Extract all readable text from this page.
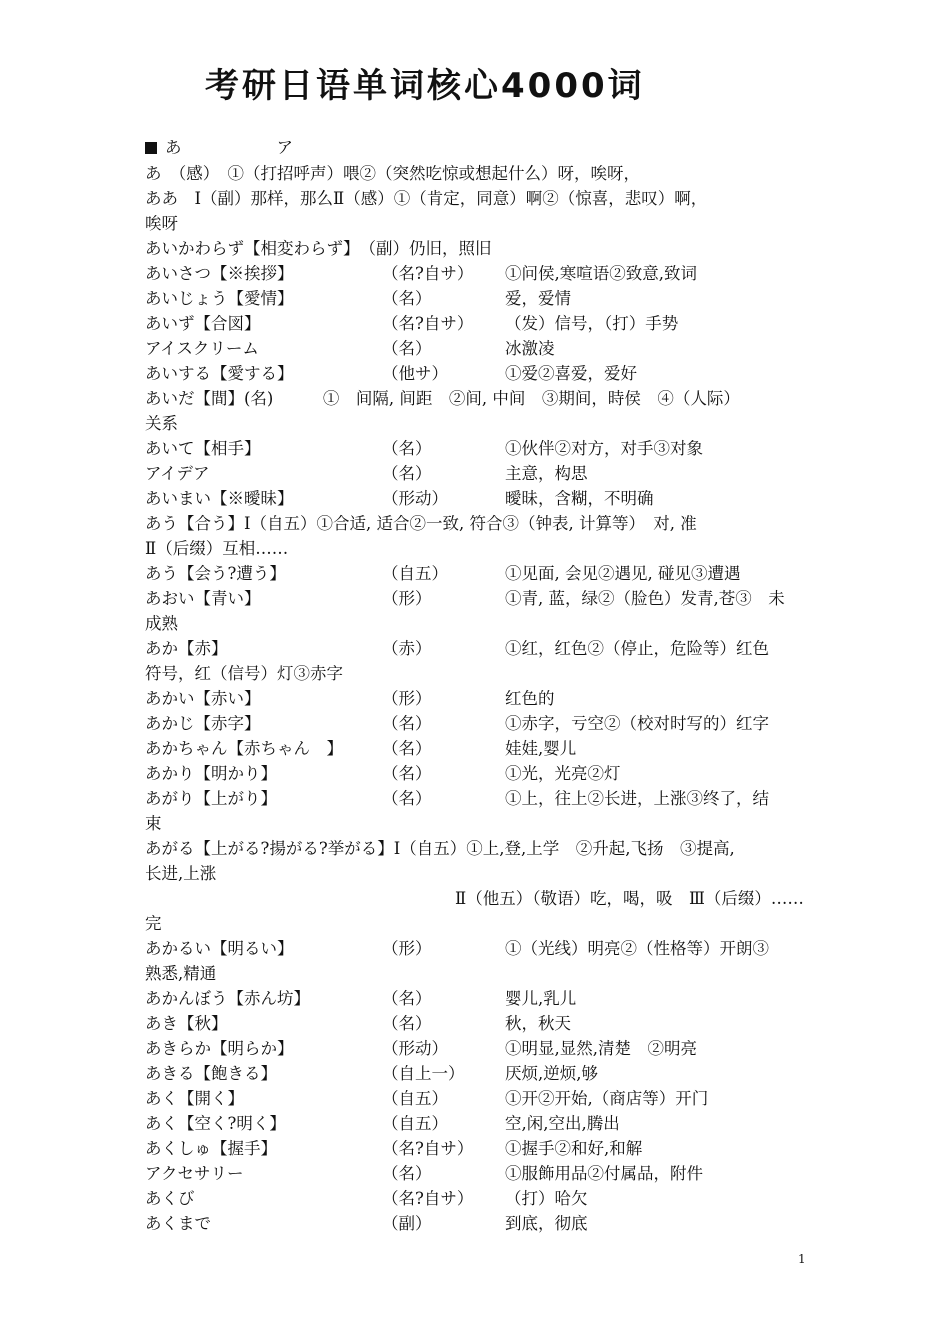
考研日语单词核心4000词
あ	ア
あ　（感）　①（打招呼声）喂②（突然吃惊或想起什么）呀，唉呀，
ああ　Ⅰ（副）那样，那么Ⅱ（感）①（肯定，同意）啊②（惊喜，悲叹）啊，
唉呀
あいかわらず【相変わらず】　（副）仍旧，照旧
あいさつ【※挨拶】	（名?自サ） ①问侯,寒喧语②致意,致词
あいじょう【愛情】	（名）	爱，爱情
あいず【合図】	（名?自サ） （发）信号，（打）手势
アイスクリーム	（名）	冰激凌
あいする【愛する】	（他サ）	①爱②喜爱，爱好
あいだ【間】(名)　　　①　间隔, 间距　②间, 中间　③期间，時侯　④（人际）
关系
あいて【相手】	（名）	①伙伴②对方，对手③对象
アイデア	（名）	主意，构思
あいまい【※曖昧】	（形动）	曖昧，含糊，不明确
あう【合う】Ⅰ（自五）①合适, 适合②一致, 符合③（钟表, 计算等）　对, 准
Ⅱ（后缀）互相……
あう【会う?遭う】	（自五）	①见面, 会见②遇见, 碰见③遭遇
あおい【青い】	（形）	①青, 蓝，绿②（脸色）发青,苍③　未
成熟
あか【赤】	（赤）	①红，红色②（停止，危险等）红色
符号，红（信号）灯③赤字
あかい【赤い】	（形）	红色的
あかじ【赤字】	（名）	①赤字，亏空②（校对时写的）红字
あかちゃん【赤ちゃん　】 （名）	娃娃,婴儿
あかり【明かり】	（名）	①光，光亮②灯
あがり【上がり】	（名）	①上，往上②长进，上涨③终了，结
束
あがる【上がる?揚がる?挙がる】Ⅰ（自五）①上,登,上学　②升起,飞扬　③提高,
长进,上涨
Ⅱ（他五）（敬语）吃，喝，吸　Ⅲ（后缀）……
完
あかるい【明るい】	（形）	①（光线）明亮②（性格等）开朗③
熟悉,精通
あかんぼう【赤ん坊】	（名）	婴儿,乳儿
あき【秋】	（名）	秋，秋天
あきらか【明らか】	（形动）	①明显,显然,清楚　②明亮
あきる【飽きる】	（自上一） 厌烦,逆烦,够
あく【開く】	（自五）	①开②开始,（商店等）开门
あく【空く?明く】	（自五）	空,闲,空出,腾出
あくしゅ【握手】	（名?自サ） ①握手②和好,和解
アクセサリー	（名）	①服飾用品②付属品，附件
あくび	（名?自サ） （打）哈欠
あくまで	（副）	到底，彻底
1
